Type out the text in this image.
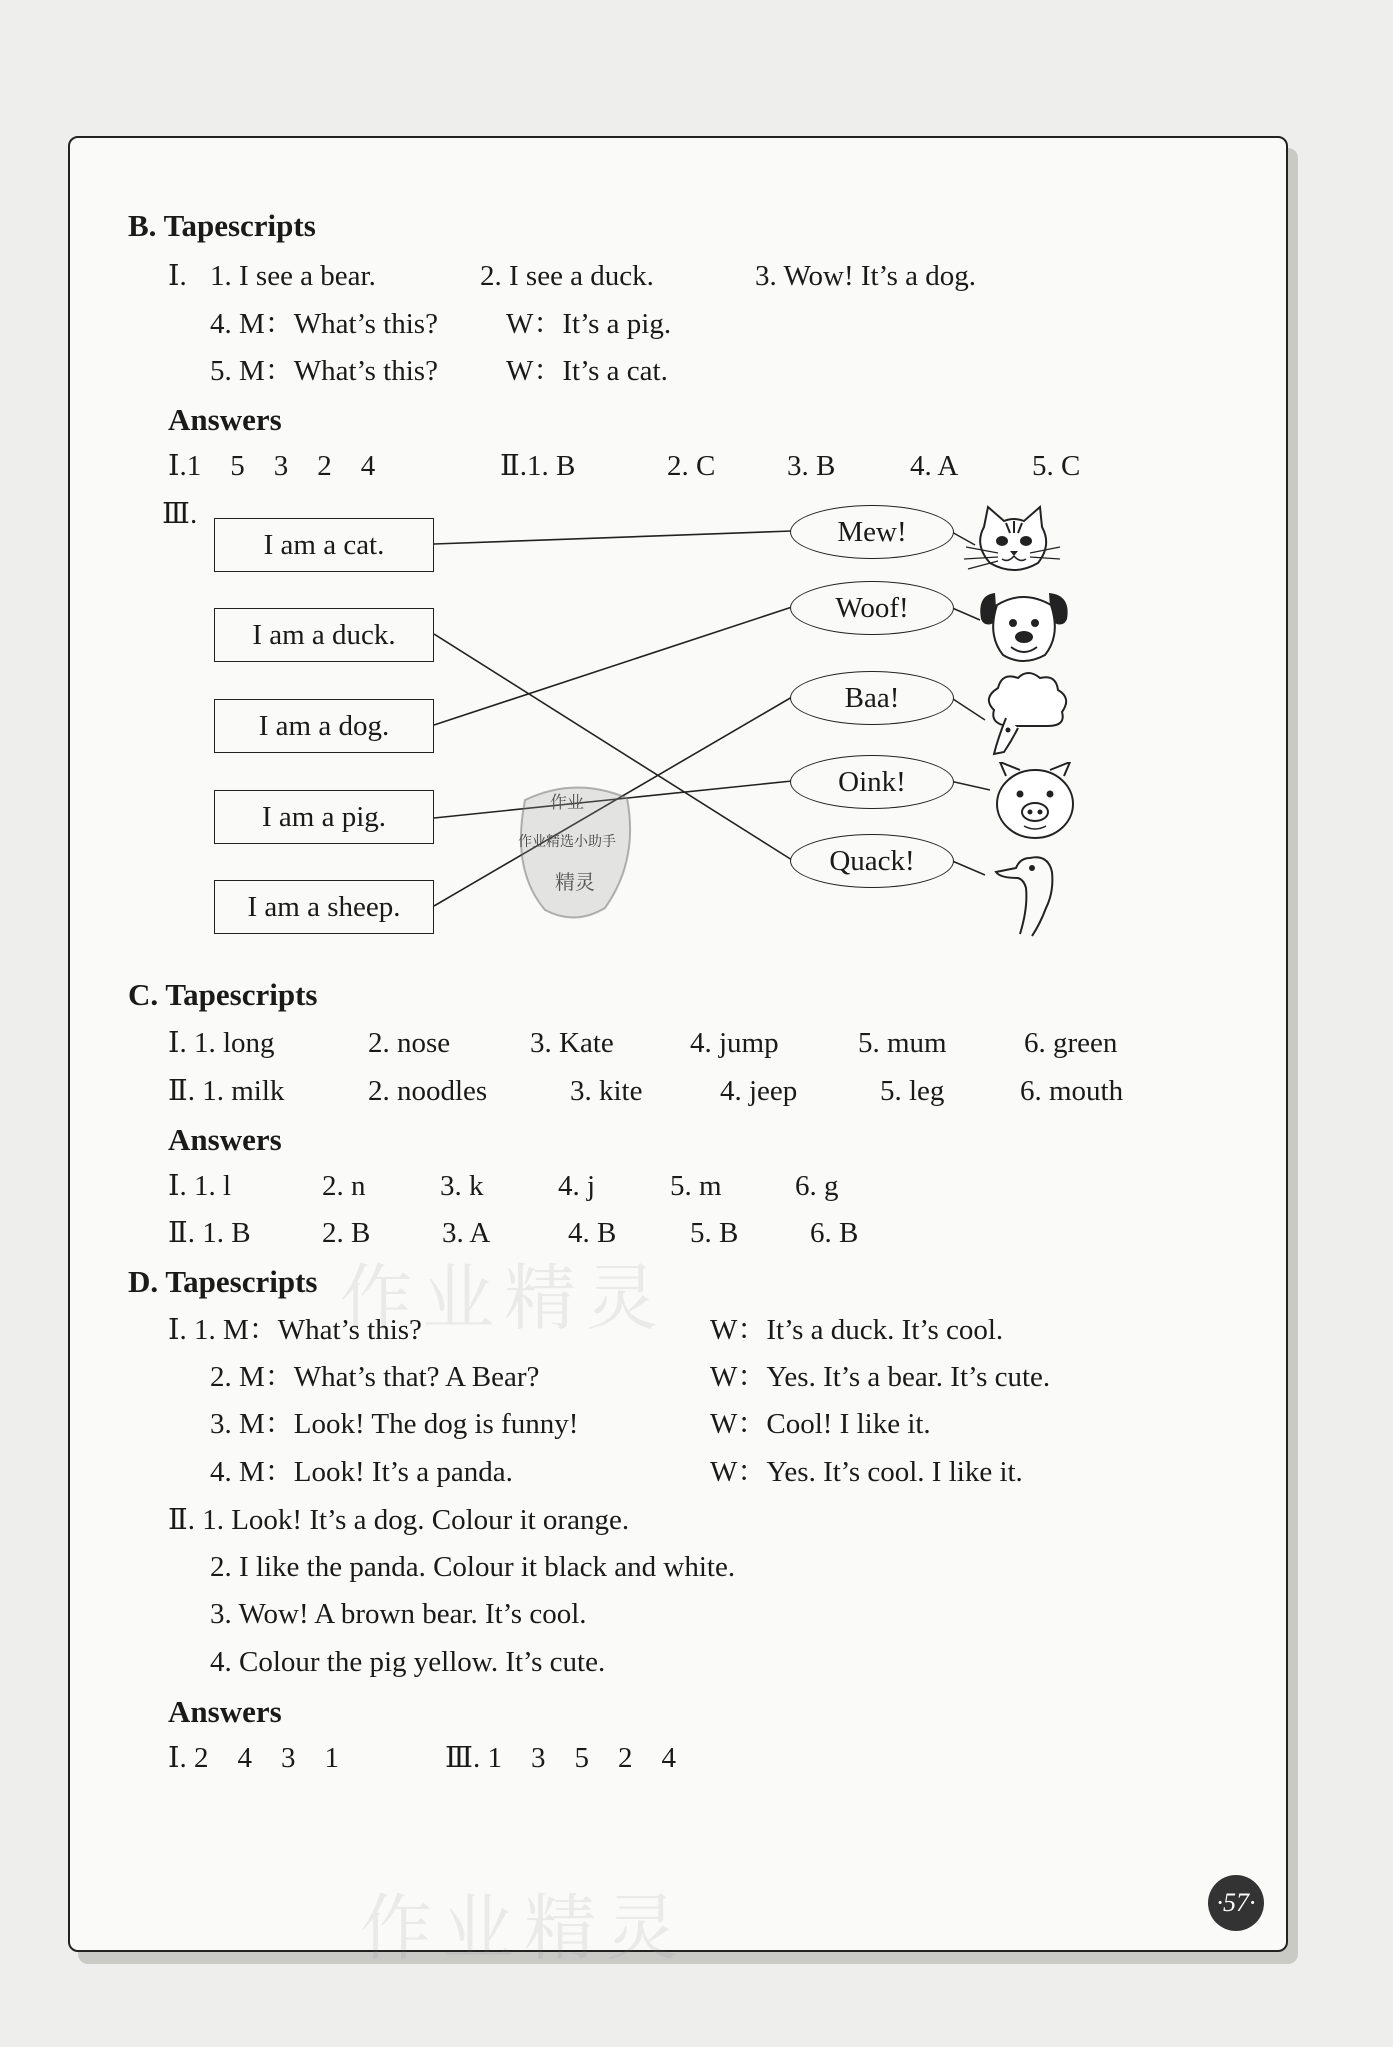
B. Tapescripts
Ⅰ. 1. I see a bear.	2. I see a duck.	3. Wow! It’s a dog.
4. M：What’s this? W：It’s a pig.
5. M：What’s this? W：It’s a cat.
Answers
Ⅰ.1　5　3　2　4	Ⅱ.1. B	2. C 3. B	4. A	5. C
Ⅲ.
I am a cat.
I am a duck.
I am a dog.
I am a pig.
I am a sheep.
Mew!
Woof!
Baa!
Oink!
Quack!
作业
作业精选小助手
精灵
C. Tapescripts
Ⅰ. 1. long	2. nose	3. Kate	4. jump	5. mum	6. green
Ⅱ. 1. milk	2. noodles	3. kite	4. jeep	5. leg	6. mouth
Answers
Ⅰ. 1. l	2. n	3. k	4. j	5. m	6. g
Ⅱ. 1. B 2. B 3. A	4. B	5. B 6. B
D. Tapescripts
Ⅰ. 1. M：What’s this?	W：It’s a duck. It’s cool.
2. M：What’s that? A Bear?	W：Yes. It’s a bear. It’s cute.
3. M：Look! The dog is funny!	W：Cool! I like it.
4. M：Look! It’s a panda.	W：Yes. It’s cool. I like it.
Ⅱ. 1. Look! It’s a dog. Colour it orange.
2. I like the panda. Colour it black and white.
3. Wow! A brown bear. It’s cool.
4. Colour the pig yellow. It’s cute.
Answers
Ⅰ. 2　4　3　1	Ⅲ. 1　3　5　2　4
作业精灵
作业精灵	·57·
